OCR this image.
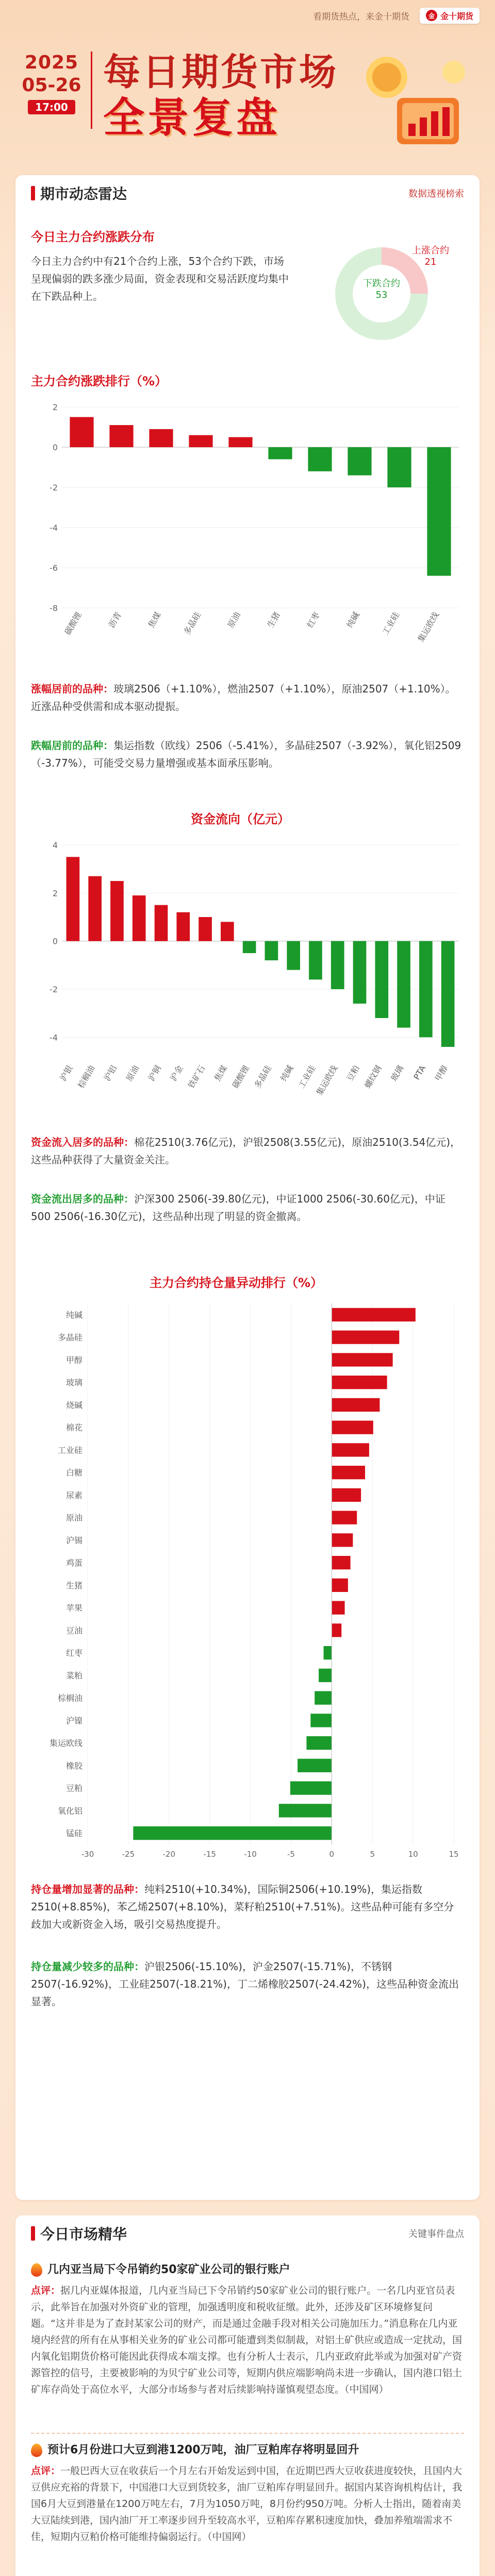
看期货热点，来金十期货	金 金十期货
2025
05-26
17:00
每日期货市场
全景复盘
期市动态雷达	数据透视榜索
今日主力合约涨跌分布
今日主力合约中有21个合约上涨，53个合约下跌，市场呈现偏弱的跌多涨少局面，资金表现和交易活跃度均集中在下跌品种上。
上涨合约
21
下跌合约
53
主力合约涨跌排行（%）
2
0
-2
-4
-6
-8
碳酸锂	沥青	焦煤 多晶硅	原油	生猪	红枣	纯碱 工业硅 集运欧线
涨幅居前的品种：玻璃2506（+1.10%），燃油2507（+1.10%），原油2507（+1.10%）。近涨品种受供需和成本驱动提振。
跌幅居前的品种：集运指数（欧线）2506（-5.41%），多晶硅2507（-3.92%），氧化铝2509（-3.77%），可能受交易力量增强或基本面承压影响。
资金流向（亿元）
4
2
0
-2
-4
沪银 棕榈油 沪铝 原油 沪铜 沪金 铁矿石 焦煤 碳酸锂 多晶硅 纯碱 工业硅
集运欧线 豆粕 螺纹钢 玻璃 PTA 甲醇
资金流入居多的品种：棉花2510(3.76亿元)，沪银2508(3.55亿元)，原油2510(3.54亿元)，这些品种获得了大量资金关注。
资金流出居多的品种：沪深300 2506(-39.80亿元)，中证1000 2506(-30.60亿元)，中证500 2506(-16.30亿元)，这些品种出现了明显的资金撤离。
主力合约持仓量异动排行（%）
-30	-25	-20	-15	-10	-5	0	5	10	15
纯碱
多晶硅
甲醇
玻璃
烧碱
棉花
工业硅
白糖
尿素
原油
沪锡
鸡蛋
生猪
苹果
豆油
红枣
菜粕
棕榈油
沪镍
集运欧线
橡胶
豆粕
氧化铝
锰硅
持仓量增加显著的品种：纯料2510(+10.34%)，国际铜2506(+10.19%)，集运指数2510(+8.85%)，苯乙烯2507(+8.10%)，菜籽粕2510(+7.51%)。这些品种可能有多空分歧加大或新资金入场，吸引交易热度提升。
持仓量减少较多的品种：沪银2506(-15.10%)，沪金2507(-15.71%)，不锈钢2507(-16.92%)，工业硅2507(-18.21%)，丁二烯橡胶2507(-24.42%)，这些品种资金流出显著。
今日市场精华	关键事件盘点
几内亚当局下令吊销约50家矿业公司的银行账户
点评：据几内亚媒体报道，几内亚当局已下令吊销约50家矿业公司的银行账户。一名几内亚官员表示，此举旨在加强对外资矿业的管理，加强透明度和税收征缴。此外，还涉及矿区环境修复问题。“这并非是为了查封某家公司的财产，而是通过金融手段对相关公司施加压力。”消息称在几内亚境内经营的所有在从事相关业务的矿业公司都可能遭到类似制裁，对铝土矿供应或造成一定扰动，国内氧化铝期货价格可能因此获得成本端支撑。也有分析人士表示，几内亚政府此举或为加强对矿产资源管控的信号，主要被影响的为贝宁矿业公司等，短期内供应端影响尚未进一步确认，国内港口铝土矿库存尚处于高位水平，大部分市场参与者对后续影响持谨慎观望态度。（中国网）
预计6月份进口大豆到港1200万吨，油厂豆粕库存将明显回升
点评：一般巴西大豆在收获后一个月左右开始发运到中国，在近期巴西大豆收获进度较快，且国内大豆供应充裕的背景下，中国港口大豆到货较多，油厂豆粕库存明显回升。据国内某咨询机构估计，我国6月大豆到港量在1200万吨左右，7月为1050万吨，8月份约950万吨。分析人士指出，随着南美大豆陆续到港，国内油厂开工率逐步回升至较高水平，豆粕库存累积速度加快，叠加养殖端需求不佳，短期内豆粕价格可能维持偏弱运行。（中国网）
